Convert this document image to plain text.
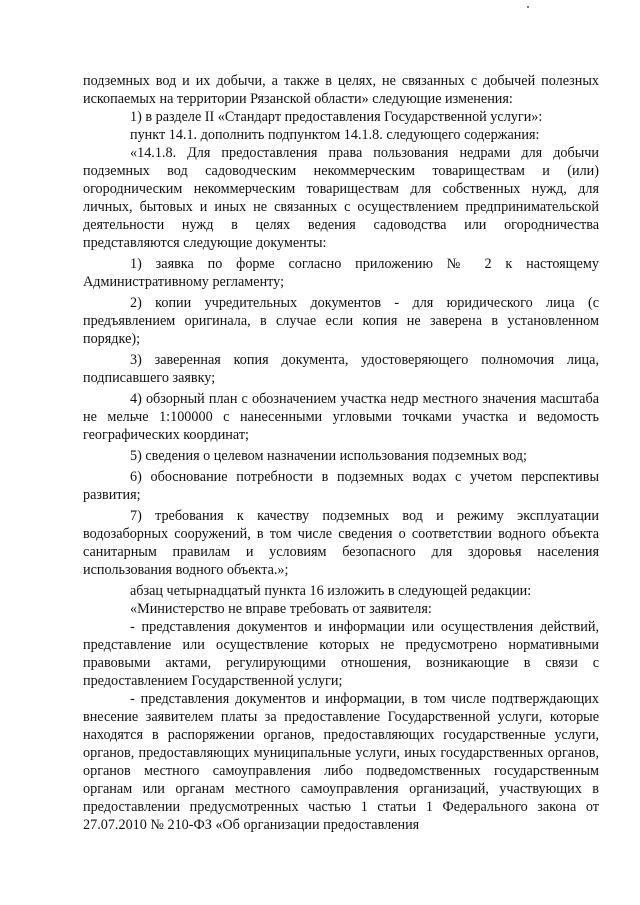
подземных вод и их добычи, а также в целях, не связанных с добычей полезных ископаемых на территории Рязанской области» следующие изменения:

1) в разделе II «Стандарт предоставления Государственной услуги»:

пункт 14.1. дополнить подпунктом 14.1.8. следующего содержания:

«14.1.8. Для предоставления права пользования недрами для добычи подземных вод садоводческим некоммерческим товариществам и (или) огородническим некоммерческим товариществам для собственных нужд, для личных, бытовых и иных не связанных с осуществлением предпринимательской деятельности нужд в целях ведения садоводства или огородничества представляются следующие документы:

1) заявка по форме согласно приложению № 2 к настоящему Административному регламенту;

2) копии учредительных документов - для юридического лица (с предъявлением оригинала, в случае если копия не заверена в установленном порядке);

3) заверенная копия документа, удостоверяющего полномочия лица, подписавшего заявку;

4) обзорный план с обозначением участка недр местного значения масштаба не мельче 1:100000 с нанесенными угловыми точками участка и ведомость географических координат;

5) сведения о целевом назначении использования подземных вод;

6) обоснование потребности в подземных водах с учетом перспективы развития;

7) требования к качеству подземных вод и режиму эксплуатации водозаборных сооружений, в том числе сведения о соответствии водного объекта санитарным правилам и условиям безопасного для здоровья населения использования водного объекта.»;

абзац четырнадцатый пункта 16 изложить в следующей редакции:

«Министерство не вправе требовать от заявителя:

- представления документов и информации или осуществления действий, представление или осуществление которых не предусмотрено нормативными правовыми актами, регулирующими отношения, возникающие в связи с предоставлением Государственной услуги;

- представления документов и информации, в том числе подтверждающих внесение заявителем платы за предоставление Государственной услуги, которые находятся в распоряжении органов, предоставляющих государственные услуги, органов, предоставляющих муниципальные услуги, иных государственных органов, органов местного самоуправления либо подведомственных государственным органам или органам местного самоуправления организаций, участвующих в предоставлении предусмотренных частью 1 статьи 1 Федерального закона от 27.07.2010 № 210-ФЗ «Об организации предоставления
